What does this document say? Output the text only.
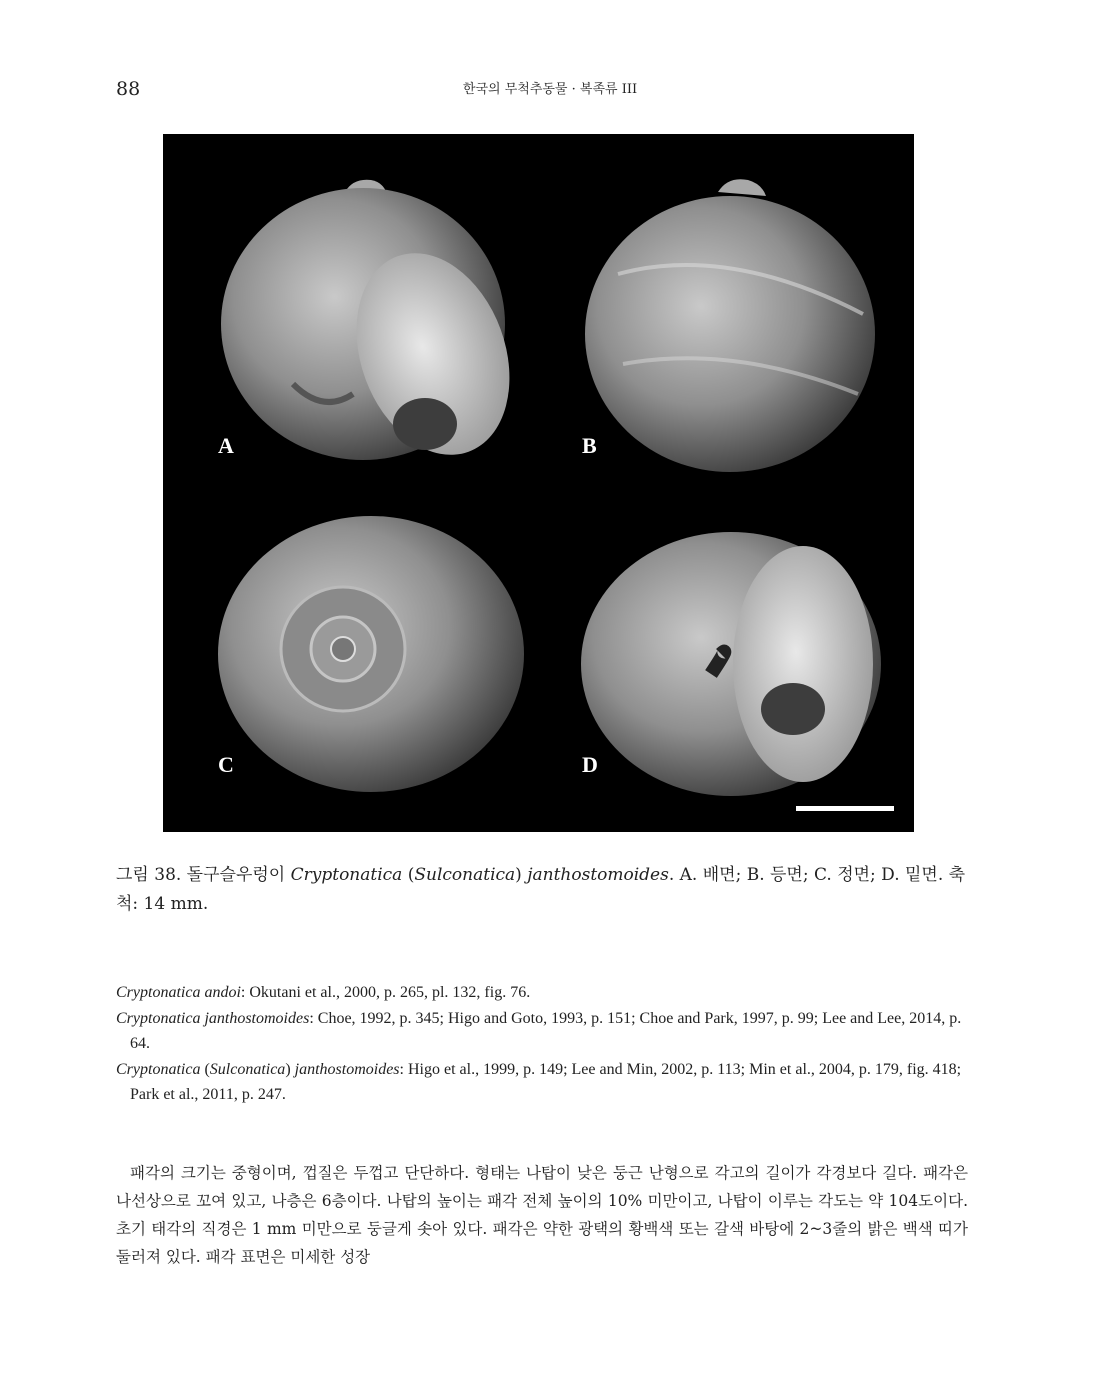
88	한국의 무척추동물 · 복족류 III
A	B
C	D
그림 38. 돌구슬우렁이 Cryptonatica (Sulconatica) janthostomoides. A. 배면; B. 등면; C. 정면; D. 밑면. 축척: 14 mm.

Cryptonatica andoi: Okutani et al., 2000, p. 265, pl. 132, fig. 76.

Cryptonatica janthostomoides: Choe, 1992, p. 345; Higo and Goto, 1993, p. 151; Choe and Park, 1997, p. 99; Lee and Lee, 2014, p. 64.

Cryptonatica (Sulconatica) janthostomoides: Higo et al., 1999, p. 149; Lee and Min, 2002, p. 113; Min et al., 2004, p. 179, fig. 418; Park et al., 2011, p. 247.

패각의 크기는 중형이며, 껍질은 두껍고 단단하다. 형태는 나탑이 낮은 둥근 난형으로 각고의 길이가 각경보다 길다. 패각은 나선상으로 꼬여 있고, 나층은 6층이다. 나탑의 높이는 패각 전체 높이의 10% 미만이고, 나탑이 이루는 각도는 약 104도이다. 초기 태각의 직경은 1 mm 미만으로 둥글게 솟아 있다. 패각은 약한 광택의 황백색 또는 갈색 바탕에 2~3줄의 밝은 백색 띠가 둘러져 있다. 패각 표면은 미세한 성장
